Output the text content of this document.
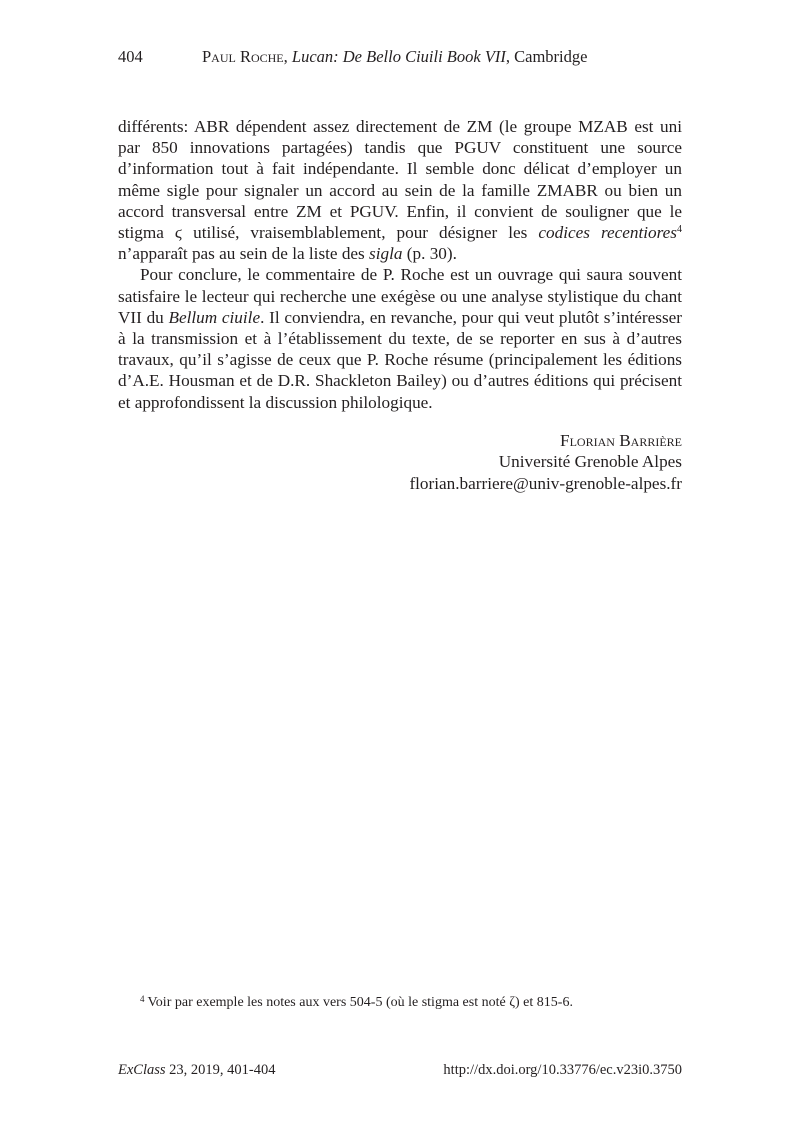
404	Paul Roche, Lucan: De Bello Ciuili Book VII, Cambridge

différents: ABR dépendent assez directement de ZM (le groupe MZAB est uni par 850 innovations partagées) tandis que PGUV constituent une source d’information tout à fait indépendante. Il semble donc délicat d’employer un même sigle pour signaler un accord au sein de la famille ZMABR ou bien un accord transversal entre ZM et PGUV. Enfin, il convient de souligner que le stigma ϛ utilisé, vraisemblablement, pour désigner les codices recentiores$^4$ n’apparaît pas au sein de la liste des sigla (p. 30).

Pour conclure, le commentaire de P. Roche est un ouvrage qui saura souvent satisfaire le lecteur qui recherche une exégèse ou une analyse stylistique du chant VII du Bellum ciuile. Il conviendra, en revanche, pour qui veut plutôt s’intéresser à la transmission et à l’établissement du texte, de se reporter en sus à d’autres travaux, qu’il s’agisse de ceux que P. Roche résume (principalement les éditions d’A.E. Housman et de D.R. Shackleton Bailey) ou d’autres éditions qui précisent et approfondissent la discussion philologique.

Florian Barrière
Université Grenoble Alpes
florian.barriere@univ-grenoble-alpes.fr
$^4$ Voir par exemple les notes aux vers 504-5 (où le stigma est noté ζ) et 815-6.
ExClass 23, 2019, 401-404	http://dx.doi.org/10.33776/ec.v23i0.3750
